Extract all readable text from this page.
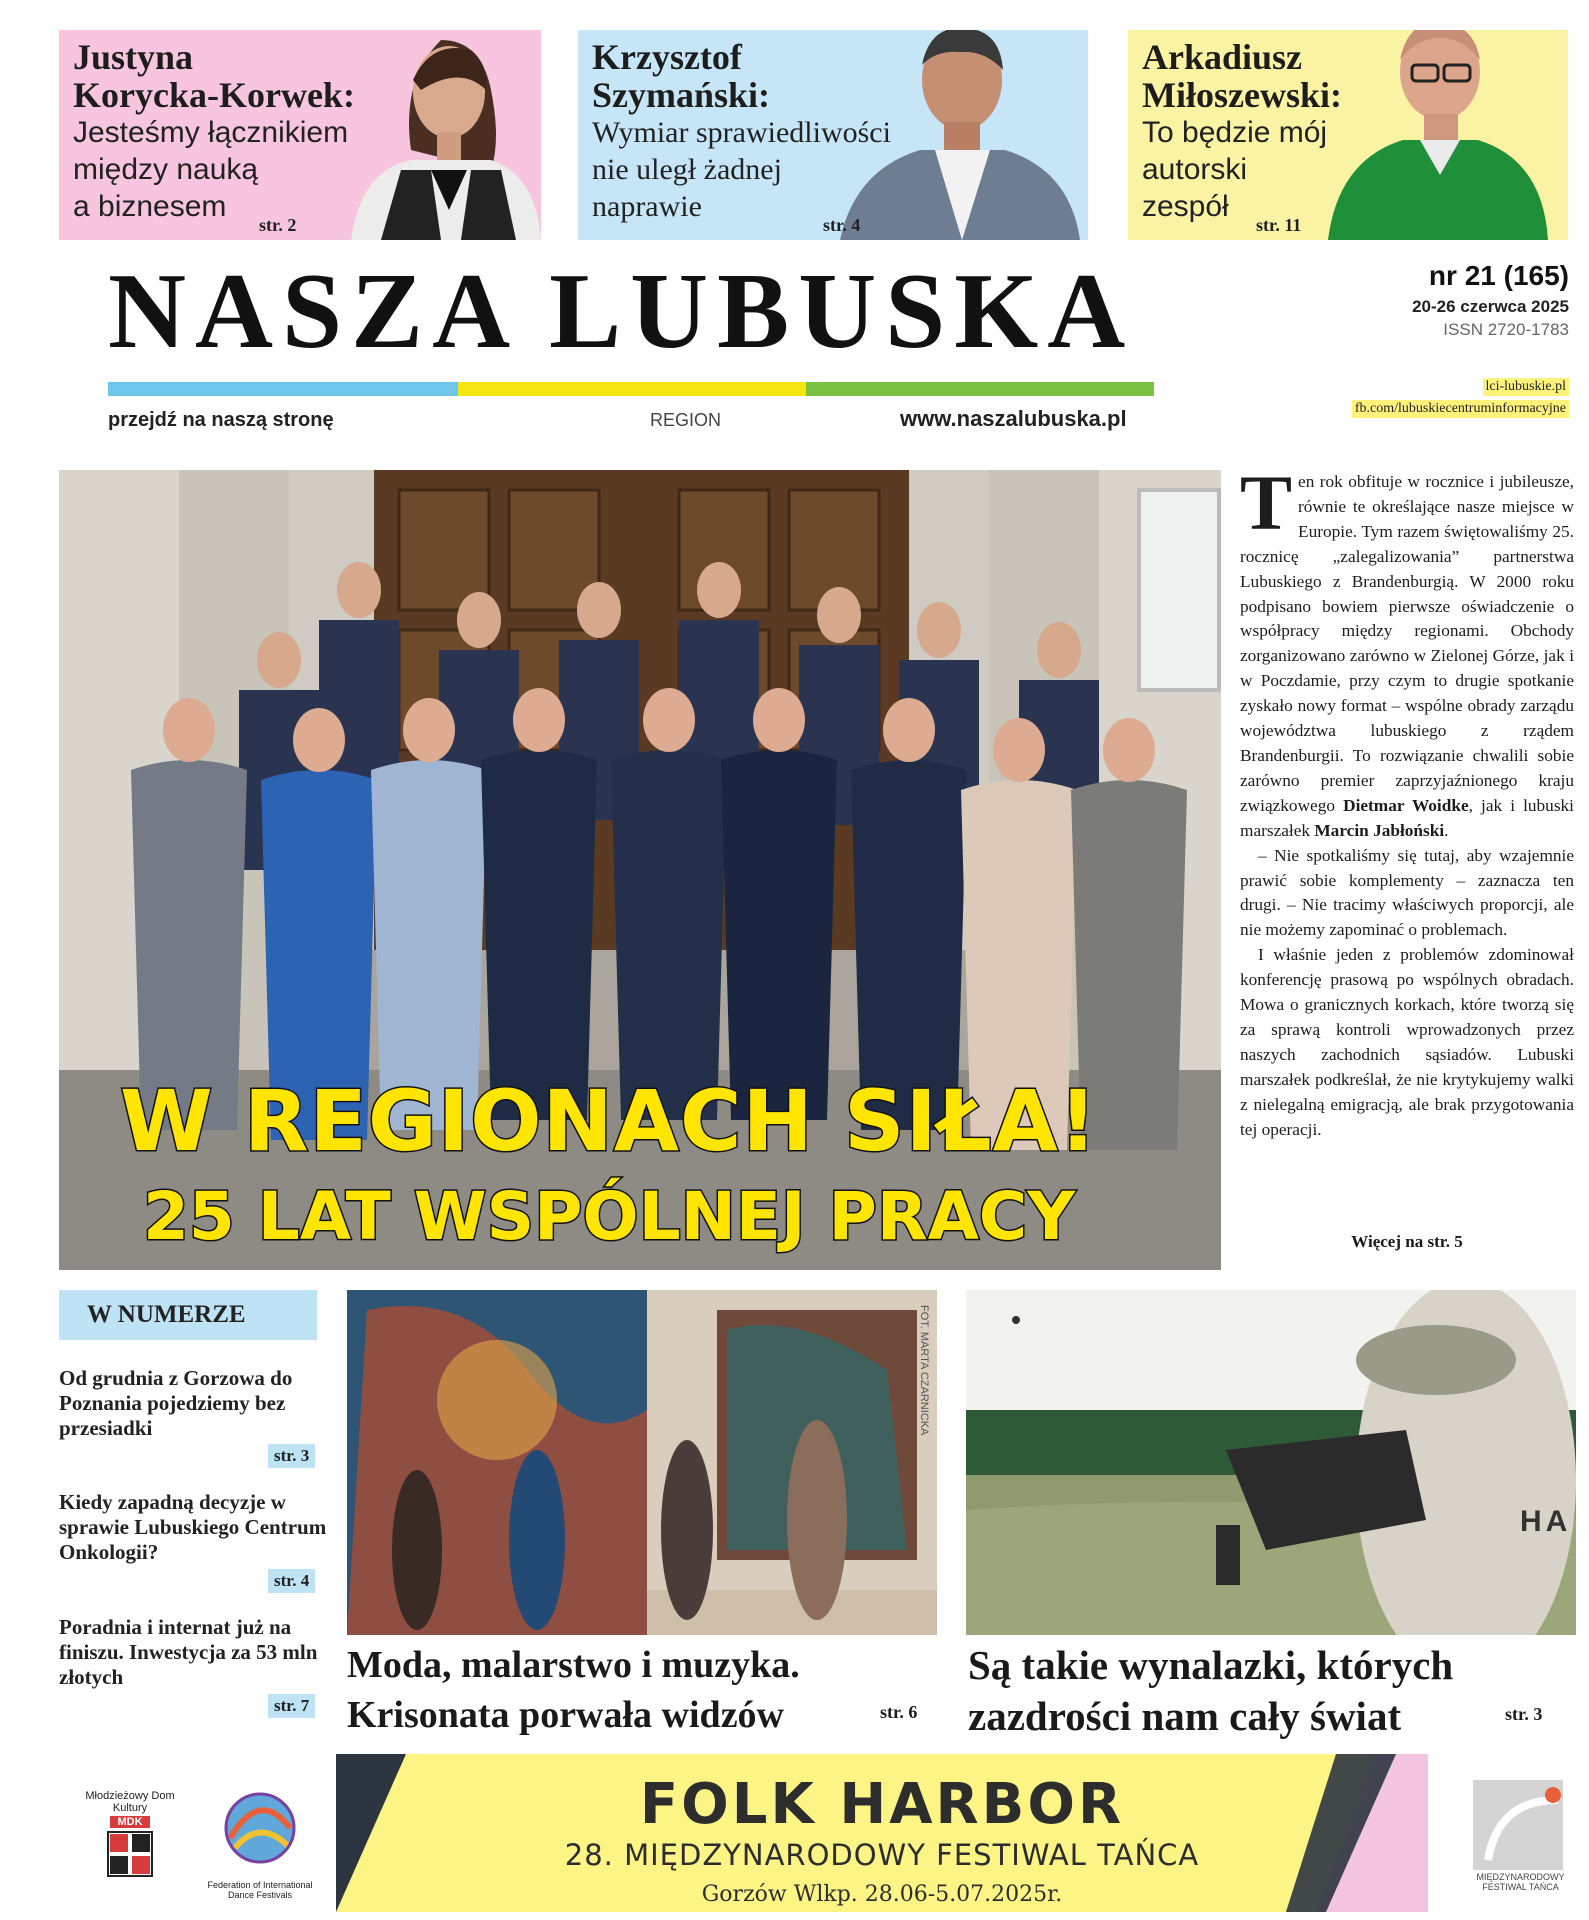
Justyna
Korycka-Korwek:
Jesteśmy łącznikiem
między nauką
a biznesem
str. 2
Krzysztof
Szymański:
Wymiar sprawiedliwości
nie uległ żadnej
naprawie
str. 4
Arkadiusz
Miłoszewski:
To będzie mój
autorski
zespół
str. 11
NASZA LUBUSKA
przejdź na naszą stronę	REGION	www.naszalubuska.pl
nr 21 (165)
20-26 czerwca 2025
ISSN 2720-1783
lci-lubuskie.pl
fb.com/lubuskiecentruminformacyjne
W REGIONACH SIŁA!
25 LAT WSPÓLNEJ PRACY

Ten rok obfituje w rocznice i jubileusze, równie te określające nasze miejsce w Europie. Tym razem świętowaliśmy 25. rocznicę „zalegalizowania” partnerstwa Lubuskiego z Brandenburgią. W 2000 roku podpisano bowiem pierwsze oświadczenie o współpracy między regionami. Obchody zorganizowano zarówno w Zielonej Górze, jak i w Poczdamie, przy czym to drugie spotkanie zyskało nowy format – wspólne obrady zarządu województwa lubuskiego z rządem Brandenburgii. To rozwiązanie chwalili sobie zarówno premier zaprzyjaźnionego kraju związkowego Dietmar Woidke, jak i lubuski marszałek Marcin Jabłoński.

– Nie spotkaliśmy się tutaj, aby wzajemnie prawić sobie komplementy – zaznacza ten drugi. – Nie tracimy właściwych proporcji, ale nie możemy zapominać o problemach.

I właśnie jeden z problemów zdominował konferencję prasową po wspólnych obradach. Mowa o granicznych korkach, które tworzą się za sprawą kontroli wprowadzonych przez naszych zachodnich sąsiadów. Lubuski marszałek podkreślał, że nie krytykujemy walki z nielegalną emigracją, ale brak przygotowania tej operacji.

Więcej na str. 5
W NUMERZE
Od grudnia z Gorzowa do Poznania pojedziemy bez przesiadki
str. 3
Kiedy zapadną decyzje w sprawie Lubuskiego Centrum Onkologii?
str. 4
Poradnia i internat już na finiszu. Inwestycja za 53 mln złotych
str. 7
FOT. MARTA CZARNICKA
Moda, malarstwo i muzyka.
Krisonata porwała widzów	str. 6
HA
Są takie wynalazki, których
zazdrości nam cały świat	str. 3
FOLK HARBOR
28. MIĘDZYNARODOWY FESTIWAL TAŃCA
Gorzów Wlkp. 28.06-5.07.2025r.
Młodzieżowy Dom Kultury
MDK
Federation of International Dance Festivals
MIĘDZYNARODOWY FESTIWAL TAŃCA
